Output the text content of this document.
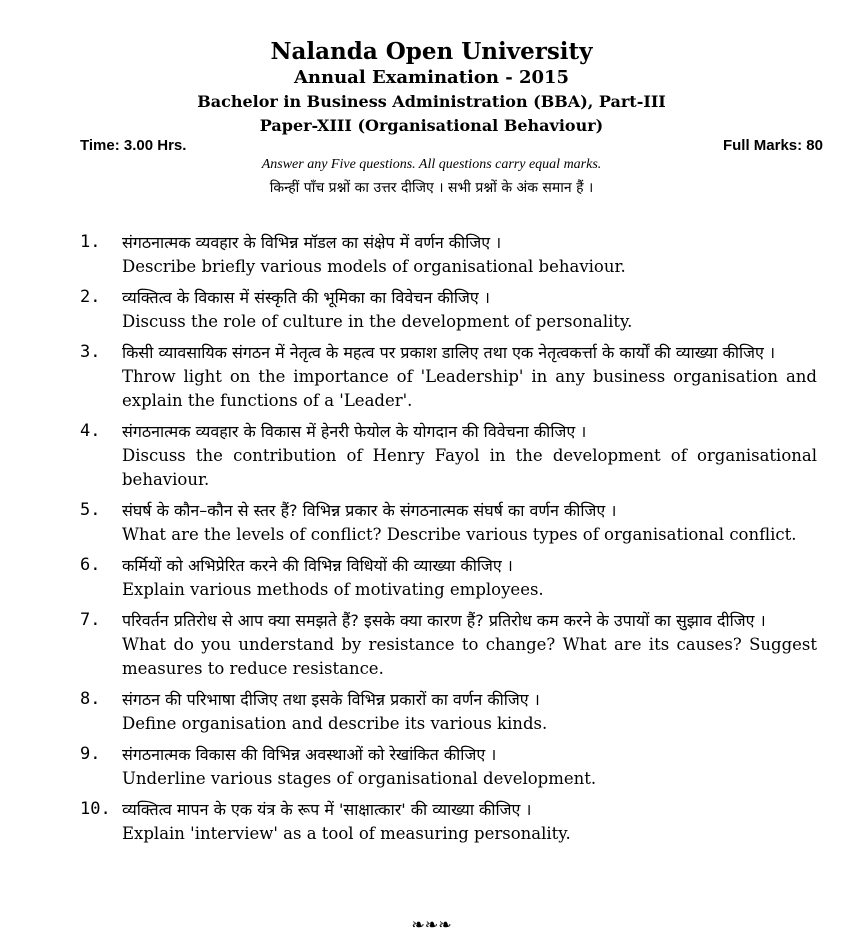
Nalanda Open University
Annual Examination - 2015
Bachelor in Business Administration (BBA), Part-III
Paper-XIII (Organisational Behaviour)
Time: 3.00 Hrs.	Full Marks: 80
Answer any Five questions. All questions carry equal marks.
किन्हीं पाँच प्रश्नों का उत्तर दीजिए । सभी प्रश्नों के अंक समान हैं ।
1.	संगठनात्मक व्यवहार के विभिन्न मॉडल का संक्षेप में वर्णन कीजिए ।
Describe briefly various models of organisational behaviour.
2.	व्यक्तित्व के विकास में संस्कृति की भूमिका का विवेचन कीजिए ।
Discuss the role of culture in the development of personality.
3.	किसी व्यावसायिक संगठन में नेतृत्व के महत्व पर प्रकाश डालिए तथा एक नेतृत्वकर्त्ता के कार्यों की व्याख्या कीजिए ।
Throw light on the importance of 'Leadership' in any business organisation and explain the functions of a 'Leader'.
4.	संगठनात्मक व्यवहार के विकास में हेनरी फेयोल के योगदान की विवेचना कीजिए ।
Discuss the contribution of Henry Fayol in the development of organisational behaviour.
5.	संघर्ष के कौन–कौन से स्तर हैं? विभिन्न प्रकार के संगठनात्मक संघर्ष का वर्णन कीजिए ।
What are the levels of conflict? Describe various types of organisational conflict.
6.	कर्मियों को अभिप्रेरित करने की विभिन्न विधियों की व्याख्या कीजिए ।
Explain various methods of motivating employees.
7.	परिवर्तन प्रतिरोध से आप क्या समझते हैं? इसके क्या कारण हैं? प्रतिरोध कम करने के उपायों का सुझाव दीजिए ।
What do you understand by resistance to change? What are its causes? Suggest measures to reduce resistance.
8.	संगठन की परिभाषा दीजिए तथा इसके विभिन्न प्रकारों का वर्णन कीजिए ।
Define organisation and describe its various kinds.
9.	संगठनात्मक विकास की विभिन्न अवस्थाओं को रेखांकित कीजिए ।
Underline various stages of organisational development.
10. व्यक्तित्व मापन के एक यंत्र के रूप में 'साक्षात्कार' की व्याख्या कीजिए ।
Explain 'interview' as a tool of measuring personality.
❧❧❧
